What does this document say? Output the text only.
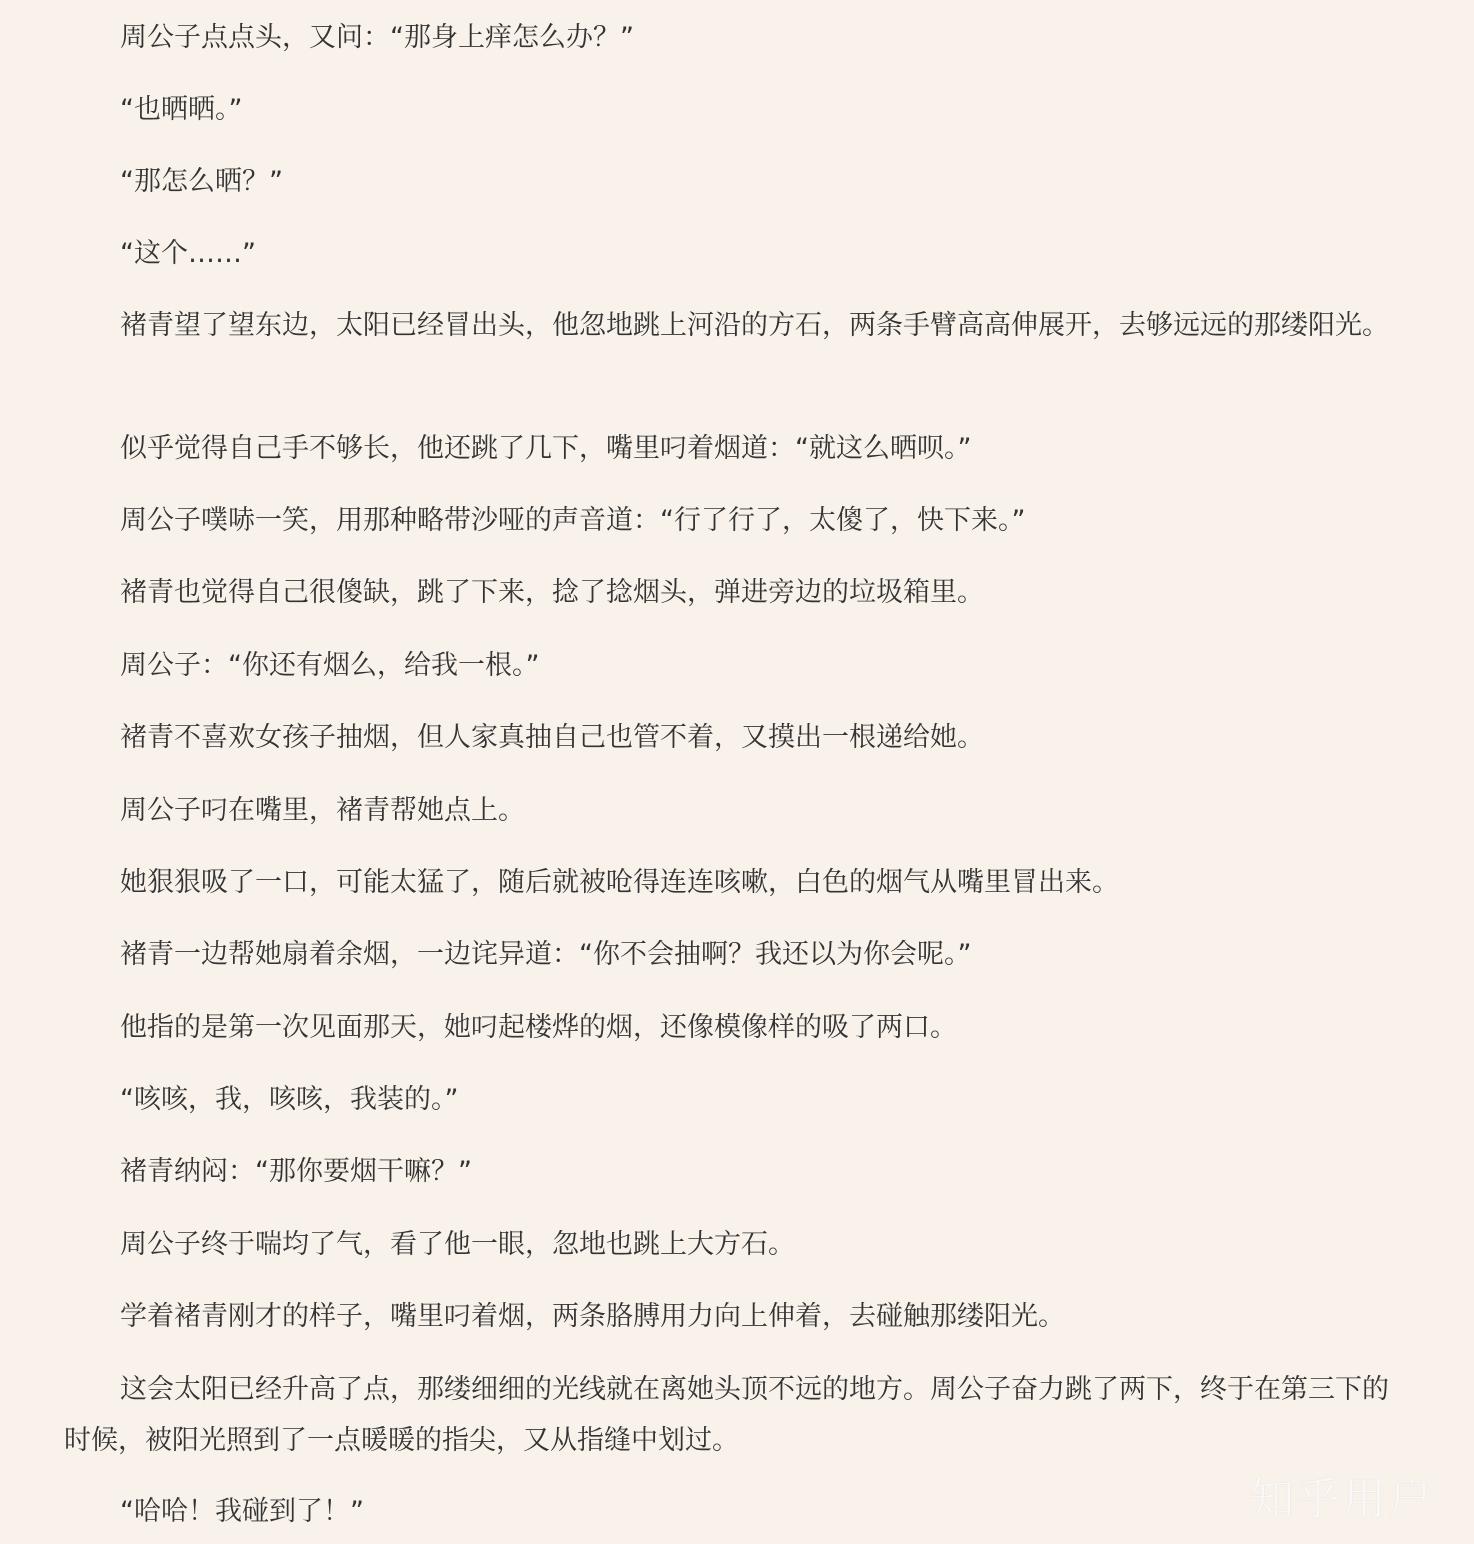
周公子点点头，又问：“那身上痒怎么办？”

“也晒晒。”

“那怎么晒？”

“这个……”

褚青望了望东边，太阳已经冒出头，他忽地跳上河沿的方石，两条手臂高高伸展开，去够远远的那缕阳光。

似乎觉得自己手不够长，他还跳了几下，嘴里叼着烟道：“就这么晒呗。”

周公子噗哧一笑，用那种略带沙哑的声音道：“行了行了，太傻了，快下来。”

褚青也觉得自己很傻缺，跳了下来，捻了捻烟头，弹进旁边的垃圾箱里。

周公子：“你还有烟么，给我一根。”

褚青不喜欢女孩子抽烟，但人家真抽自己也管不着，又摸出一根递给她。

周公子叼在嘴里，褚青帮她点上。

她狠狠吸了一口，可能太猛了，随后就被呛得连连咳嗽，白色的烟气从嘴里冒出来。

褚青一边帮她扇着余烟，一边诧异道：“你不会抽啊？我还以为你会呢。”

他指的是第一次见面那天，她叼起楼烨的烟，还像模像样的吸了两口。

“咳咳，我，咳咳，我装的。”

褚青纳闷：“那你要烟干嘛？”

周公子终于喘均了气，看了他一眼，忽地也跳上大方石。

学着褚青刚才的样子，嘴里叼着烟，两条胳膊用力向上伸着，去碰触那缕阳光。

这会太阳已经升高了点，那缕细细的光线就在离她头顶不远的地方。周公子奋力跳了两下，终于在第三下的时候，被阳光照到了一点暖暖的指尖，又从指缝中划过。

“哈哈！我碰到了！”	知乎用户
